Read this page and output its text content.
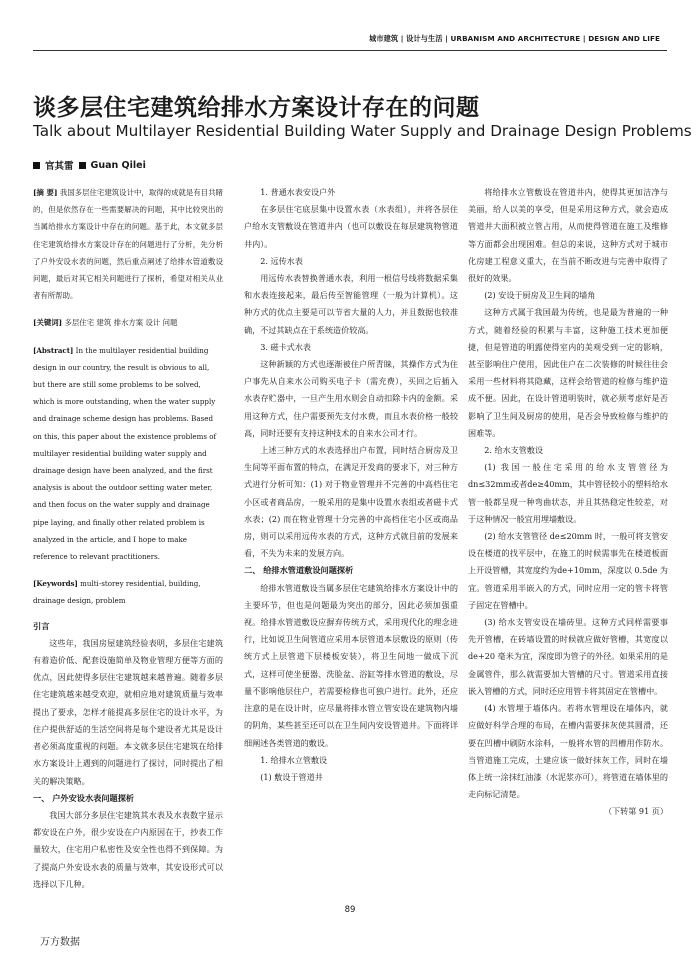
城市建筑 | 设计与生活 | URBANISM AND ARCHITECTURE | DESIGN AND LIFE
谈多层住宅建筑给排水方案设计存在的问题
Talk about Multilayer Residential Building Water Supply and Drainage Design Problems
官其雷 Guan Qilei

[摘 要] 我国多层住宅建筑设计中，取得的成就是有目共睹的，但是依然存在一些需要解决的问题，其中比较突出的当属给排水方案设计中存在的问题。基于此，本文就多层住宅建筑给排水方案设计存在的问题进行了分析，先分析了户外安设水表的问题，然后重点阐述了给排水管道敷设问题，最后对其它相关问题进行了探析，希望对相关从业者有所帮助。

[关键词] 多层住宅 建筑 排水方案 设计 问题

[Abstract] In the multilayer residential building design in our country, the result is obvious to all, but there are still some problems to be solved, which is more outstanding, when the water supply and drainage scheme design has problems. Based on this, this paper about the existence problems of multilayer residential building water supply and drainage design have been analyzed, and the first analysis is about the outdoor setting water meter, and then focus on the water supply and drainage pipe laying, and finally other related problem is analyzed in the article, and I hope to make reference to relevant practitioners.

[Keywords] multi-storey residential, building, drainage design, problem

引言

这些年，我国房屋建筑经验表明，多层住宅建筑有着造价低、配套设施简单及物业管理方便等方面的优点，因此使得多层住宅建筑越来越普遍。随着多层住宅建筑越来越受欢迎，就相应地对建筑质量与效率提出了要求，怎样才能提高多层住宅的设计水平，为住户提供舒适的生活空间将是每个建设者尤其是设计者必须高度重视的问题。本文就多层住宅建筑在给排水方案设计上遇到的问题进行了探讨，同时提出了相关的解决策略。

一、 户外安设水表问题探析

我国大部分多层住宅建筑其水表及水表数字显示都安设在户外，很少安设在户内原因在于，抄表工作量较大，住宅用户私密性及安全性也得不到保障。为了提高户外安设水表的质量与效率，其安设形式可以选择以下几种。

1. 普通水表安设户外

在多层住宅底层集中设置水表（水表组），并将各层住户给水支管敷设在管道井内（也可以敷设在每层建筑物管道井内）。

2. 远传水表

用远传水表替换普通水表，利用一根信号线将数据采集和水表连接起来，最后传至智能管理（一般为计算机）。这种方式的优点主要是可以节省大量的人力，并且数据也较准确，不过其缺点在于系统造价较高。

3. 磁卡式水表

这种新颖的方式也逐渐被住户所青睐，其操作方式为住户事先从自来水公司购买电子卡（需充费），买回之后插入水表存贮器中，一旦产生用水则会自动扣除卡内的金额。采用这种方式，住户需要预先支付水费，而且水表价格一般较高，同时还要有支持这种技术的自来水公司才行。

上述三种方式的水表选择出户布置，同时结合厨房及卫生间等平面布置的特点，在满足开发商的要求下，对三种方式进行分析可知：(1) 对于物业管理并不完善的中高档住宅小区或者商品房，一般采用的是集中设置水表组或者磁卡式水表；(2) 而在物业管理十分完善的中高档住宅小区或商品房，则可以采用远传水表的方式，这种方式就目前的发展来看，不失为未来的发展方向。

二、 给排水管道敷设问题探析

给排水管道敷设当属多层住宅建筑给排水方案设计中的主要环节，但也是问题最为突出的部分，因此必须加强重视。给排水管道敷设应摒弃传统方式，采用现代化的理念进行，比如说卫生间管道应采用本层管道本层敷设的原则（传统方式上层管道下层楼板安装），将卫生间地一做成下沉式，这样可使坐便器、洗脸盆、浴缸等排水管道的敷设，尽量不影响他层住户，若需要检修也可独户进行。此外，还应注意的是在设计时，应尽量将排水管立管安设在建筑物内墙的阴角，某些甚至还可以在卫生间内安设管道井。下面将详细阐述各类管道的敷设。

1. 给排水立管敷设

(1) 敷设于管道井

将给排水立管敷设在管道井内，使得其更加洁净与美丽，给人以美的享受，但是采用这种方式，就会造成管道井大面积被立管占用，从而使得管道在施工及维修等方面都会出现困难。但总的来说，这种方式对于城市化房建工程意义重大，在当前不断改进与完善中取得了很好的效果。

(2) 安设于厨房及卫生间的墙角

这种方式属于我国最为传统，也是最为普遍的一种方式，随着经验的积累与丰富，这种施工技术更加便捷，但是管道的明露使得室内的美观受到一定的影响，甚至影响住户使用，因此住户在二次装修的时候往往会采用一些材料将其隐藏，这样会给管道的检修与维护造成不便。因此，在设计管道明装时，就必须考虑好是否影响了卫生间及厨房的使用，是否会导致检修与维护的困难等。

2. 给水支管敷设

(1) 我国一般住宅采用的给水支管管径为dn≤32mm或者de≥40mm，其中管径较小的塑料给水管一般都呈现一种弯曲状态，并且其热稳定性较差，对于这种情况一般宜用埋墙敷设。

(2) 给水支管管径 de≤20mm 时，一般可将支管安设在楼道的找平层中，在施工的时候需事先在楼道板面上开设管槽，其宽度约为de+10mm，深度以 0.5de 为宜。管道采用半嵌入的方式，同时应用一定的管卡将管子固定在管槽中。

(3) 给水支管安设在墙砖里。这种方式同样需要事先开管槽，在砖墙设置的时候就应做好管槽，其宽度以 de+20 毫米为宜，深度即为管子的外径。如果采用的是金属管件，那么就需要加大管槽的尺寸。管道采用直接嵌入管槽的方式，同时还应用管卡将其固定在管槽中。

(4) 水管埋于墙体内。若将水管埋设在墙体内，就应做好科学合理的布局，在槽内需要抹灰使其圆滑，还要在凹槽中刷防水涂料，一般将水管的凹槽用作防水。当管道施工完成，土建应该一做好抹灰工作，同时在墙体上统一涂抹红油漆（水泥浆亦可），将管道在墙体里的走向标记清楚。

（下转第 91 页）

89
万方数据
